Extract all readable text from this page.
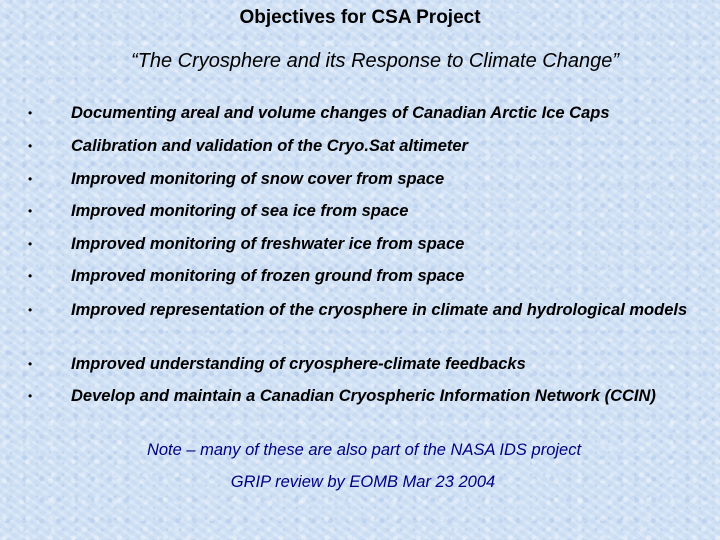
Objectives for CSA Project

“The Cryosphere and its Response to Climate Change”

• Documenting areal and volume changes of Canadian Arctic Ice Caps
• Calibration and validation of the Cryo.Sat altimeter
• Improved monitoring of snow cover from space
• Improved monitoring of sea ice from space
• Improved monitoring of freshwater ice from space
• Improved monitoring of frozen ground from space
• Improved representation of the cryosphere in climate and hydrological models
• Improved understanding of cryosphere-climate feedbacks
• Develop and maintain a Canadian Cryospheric Information Network (CCIN)

Note – many of these are also part of the NASA IDS project

GRIP review by EOMB Mar 23 2004
